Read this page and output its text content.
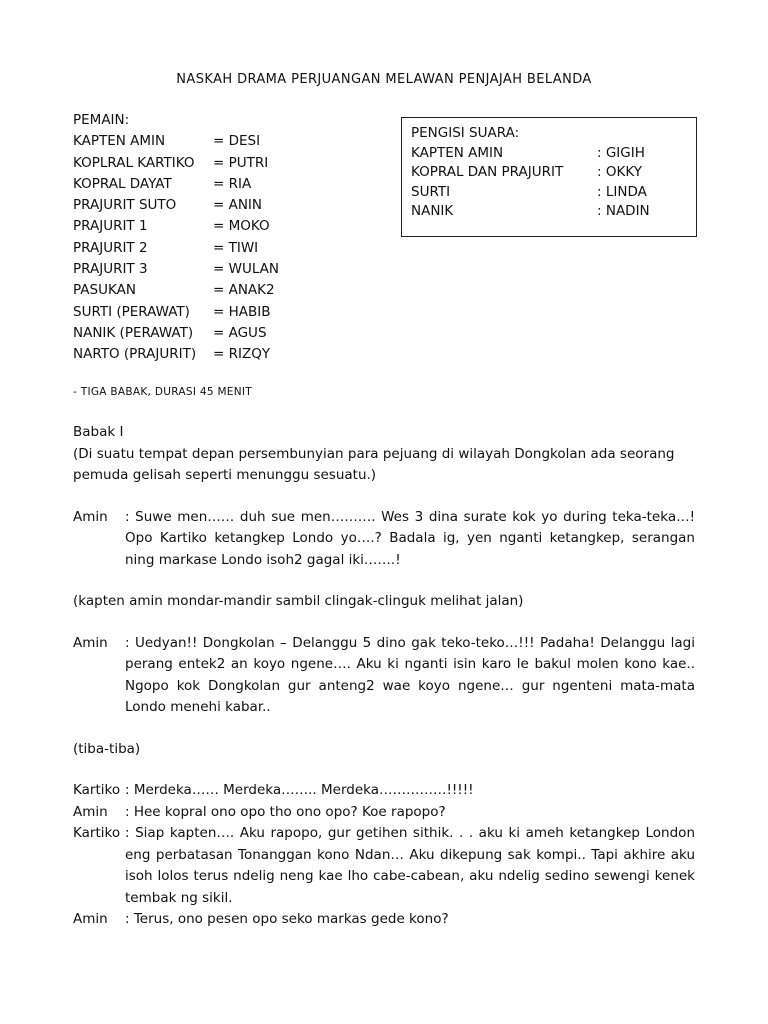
NASKAH DRAMA PERJUANGAN MELAWAN PENJAJAH BELANDA
PEMAIN:
KAPTEN AMIN	= DESI
KOPLRAL KARTIKO	= PUTRI
KOPRAL DAYAT	= RIA
PRAJURIT SUTO	= ANIN
PRAJURIT 1	= MOKO
PRAJURIT 2	= TIWI
PRAJURIT 3	= WULAN
PASUKAN	= ANAK2
SURTI (PERAWAT)	= HABIB
NANIK (PERAWAT)	= AGUS
NARTO (PRAJURIT)	= RIZQY
PENGISI SUARA:
KAPTEN AMIN	: GIGIH
KOPRAL DAN PRAJURIT	: OKKY
SURTI	: LINDA
NANIK	: NADIN
- TIGA BABAK, DURASI 45 MENIT

Babak I

(Di suatu tempat depan persembunyian para pejuang di wilayah Dongkolan ada seorang pemuda gelisah seperti menunggu sesuatu.)

Amin	: Suwe men…… duh sue men………. Wes 3 dina surate kok yo during teka-teka…! Opo Kartiko ketangkep Londo yo….? Badala ig, yen nganti ketangkep, serangan ning markase Londo isoh2 gagal iki…….!

(kapten amin mondar-mandir sambil clingak-clinguk melihat jalan)

Amin	: Uedyan!! Dongkolan – Delanggu 5 dino gak teko-teko…!!! Padaha! Delanggu lagi perang entek2 an koyo ngene…. Aku ki nganti isin karo le bakul molen kono kae.. Ngopo kok Dongkolan gur anteng2 wae koyo ngene… gur ngenteni mata-mata Londo menehi kabar..

(tiba-tiba)

Kartiko : Merdeka…… Merdeka…….. Merdeka……………!!!!!
Amin	: Hee kopral ono opo tho ono opo? Koe rapopo?
Kartiko : Siap kapten…. Aku rapopo, gur getihen sithik. . . aku ki ameh ketangkep London eng perbatasan Tonanggan kono Ndan… Aku dikepung sak kompi.. Tapi akhire aku isoh lolos terus ndelig neng kae lho cabe-cabean, aku ndelig sedino sewengi kenek tembak ng sikil.
Amin	: Terus, ono pesen opo seko markas gede kono?
